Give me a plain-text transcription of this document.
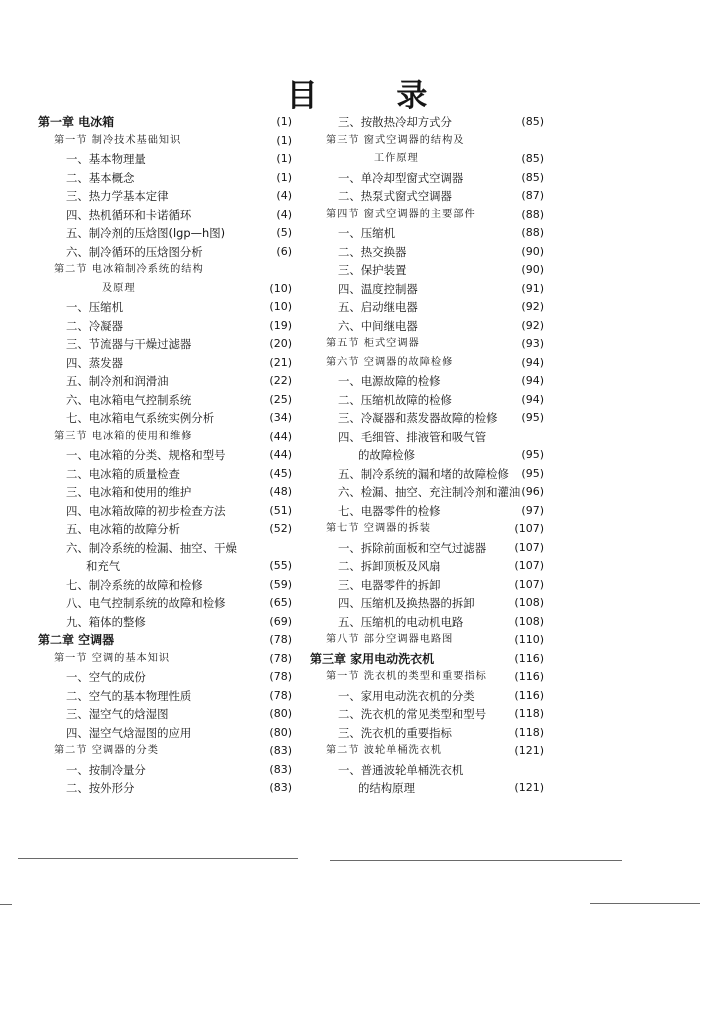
目 录
第一章 电冰箱	(1)
第一节 制冷技术基础知识	(1)
一、基本物理量	(1)
二、基本概念	(1)
三、热力学基本定律	(4)
四、热机循环和卡诺循环	(4)
五、制冷剂的压焓图(lgp—h图)	(5)
六、制冷循环的压焓图分析	(6)
第二节 电冰箱制冷系统的结构
及原理	(10)
一、压缩机	(10)
二、冷凝器	(19)
三、节流器与干燥过滤器	(20)
四、蒸发器	(21)
五、制冷剂和润滑油	(22)
六、电冰箱电气控制系统	(25)
七、电冰箱电气系统实例分析	(34)
第三节 电冰箱的使用和维修	(44)
一、电冰箱的分类、规格和型号	(44)
二、电冰箱的质量检查	(45)
三、电冰箱和使用的维护	(48)
四、电冰箱故障的初步检查方法	(51)
五、电冰箱的故障分析	(52)
六、制冷系统的检漏、抽空、干燥
和充气	(55)
七、制冷系统的故障和检修	(59)
八、电气控制系统的故障和检修	(65)
九、箱体的整修	(69)
第二章 空调器	(78)
第一节 空调的基本知识	(78)
一、空气的成份	(78)
二、空气的基本物理性质	(78)
三、湿空气的焓湿图	(80)
四、湿空气焓湿图的应用	(80)
第二节 空调器的分类	(83)
一、按制冷量分	(83)
二、按外形分	(83)
三、按散热冷却方式分	(85)
第三节 窗式空调器的结构及
工作原理	(85)
一、单冷却型窗式空调器	(85)
二、热泵式窗式空调器	(87)
第四节 窗式空调器的主要部件	(88)
一、压缩机	(88)
二、热交换器	(90)
三、保护装置	(90)
四、温度控制器	(91)
五、启动继电器	(92)
六、中间继电器	(92)
第五节 柜式空调器	(93)
第六节 空调器的故障检修	(94)
一、电源故障的检修	(94)
二、压缩机故障的检修	(94)
三、冷凝器和蒸发器故障的检修 (95)
四、毛细管、排液管和吸气管
的故障检修	(95)
五、制冷系统的漏和堵的故障检修 (95)
六、检漏、抽空、充注制冷剂和灌油 (96)
七、电器零件的检修	(97)
第七节 空调器的拆装	(107)
一、拆除前面板和空气过滤器	(107)
二、拆卸顶板及风扇	(107)
三、电器零件的拆卸	(107)
四、压缩机及换热器的拆卸	(108)
五、压缩机的电动机电路	(108)
第八节 部分空调器电路图	(110)
第三章 家用电动洗衣机	(116)
第一节 洗衣机的类型和重要指标	(116)
一、家用电动洗衣机的分类	(116)
二、洗衣机的常见类型和型号	(118)
三、洗衣机的重要指标	(118)
第二节 波轮单桶洗衣机	(121)
一、普通波轮单桶洗衣机
的结构原理	(121)
